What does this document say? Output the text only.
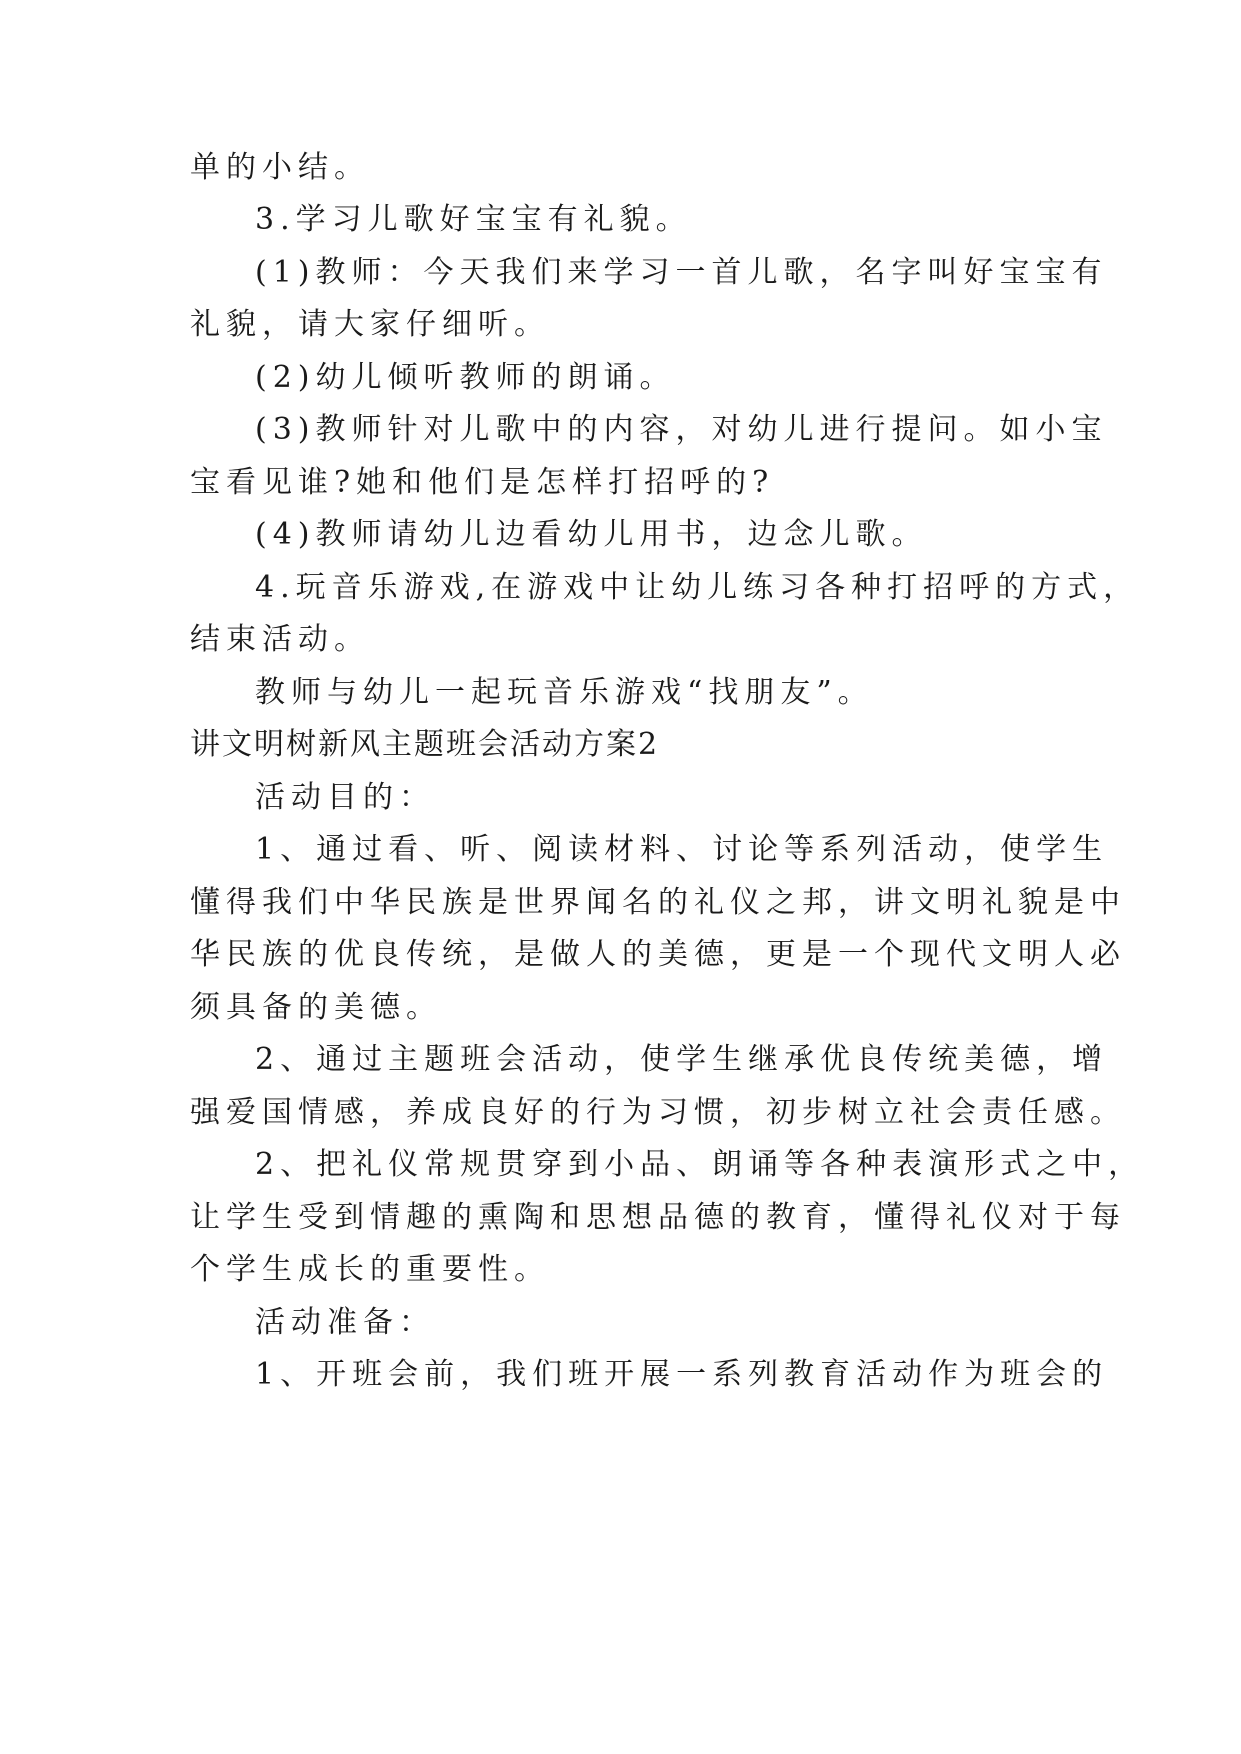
单的小结。
3.学习儿歌好宝宝有礼貌。
(1)教师：今天我们来学习一首儿歌，名字叫好宝宝有
礼貌，请大家仔细听。
(2)幼儿倾听教师的朗诵。
(3)教师针对儿歌中的内容，对幼儿进行提问。如小宝
宝看见谁?她和他们是怎样打招呼的?
(4)教师请幼儿边看幼儿用书，边念儿歌。
4.玩音乐游戏,在游戏中让幼儿练习各种打招呼的方式，
结束活动。
教师与幼儿一起玩音乐游戏“找朋友”。
讲文明树新风主题班会活动方案2
活动目的：
1、通过看、听、阅读材料、讨论等系列活动，使学生
懂得我们中华民族是世界闻名的礼仪之邦，讲文明礼貌是中
华民族的优良传统，是做人的美德，更是一个现代文明人必
须具备的美德。
2、通过主题班会活动，使学生继承优良传统美德，增
强爱国情感，养成良好的行为习惯，初步树立社会责任感。
2、把礼仪常规贯穿到小品、朗诵等各种表演形式之中，
让学生受到情趣的熏陶和思想品德的教育，懂得礼仪对于每
个学生成长的重要性。
活动准备：
1、开班会前，我们班开展一系列教育活动作为班会的
